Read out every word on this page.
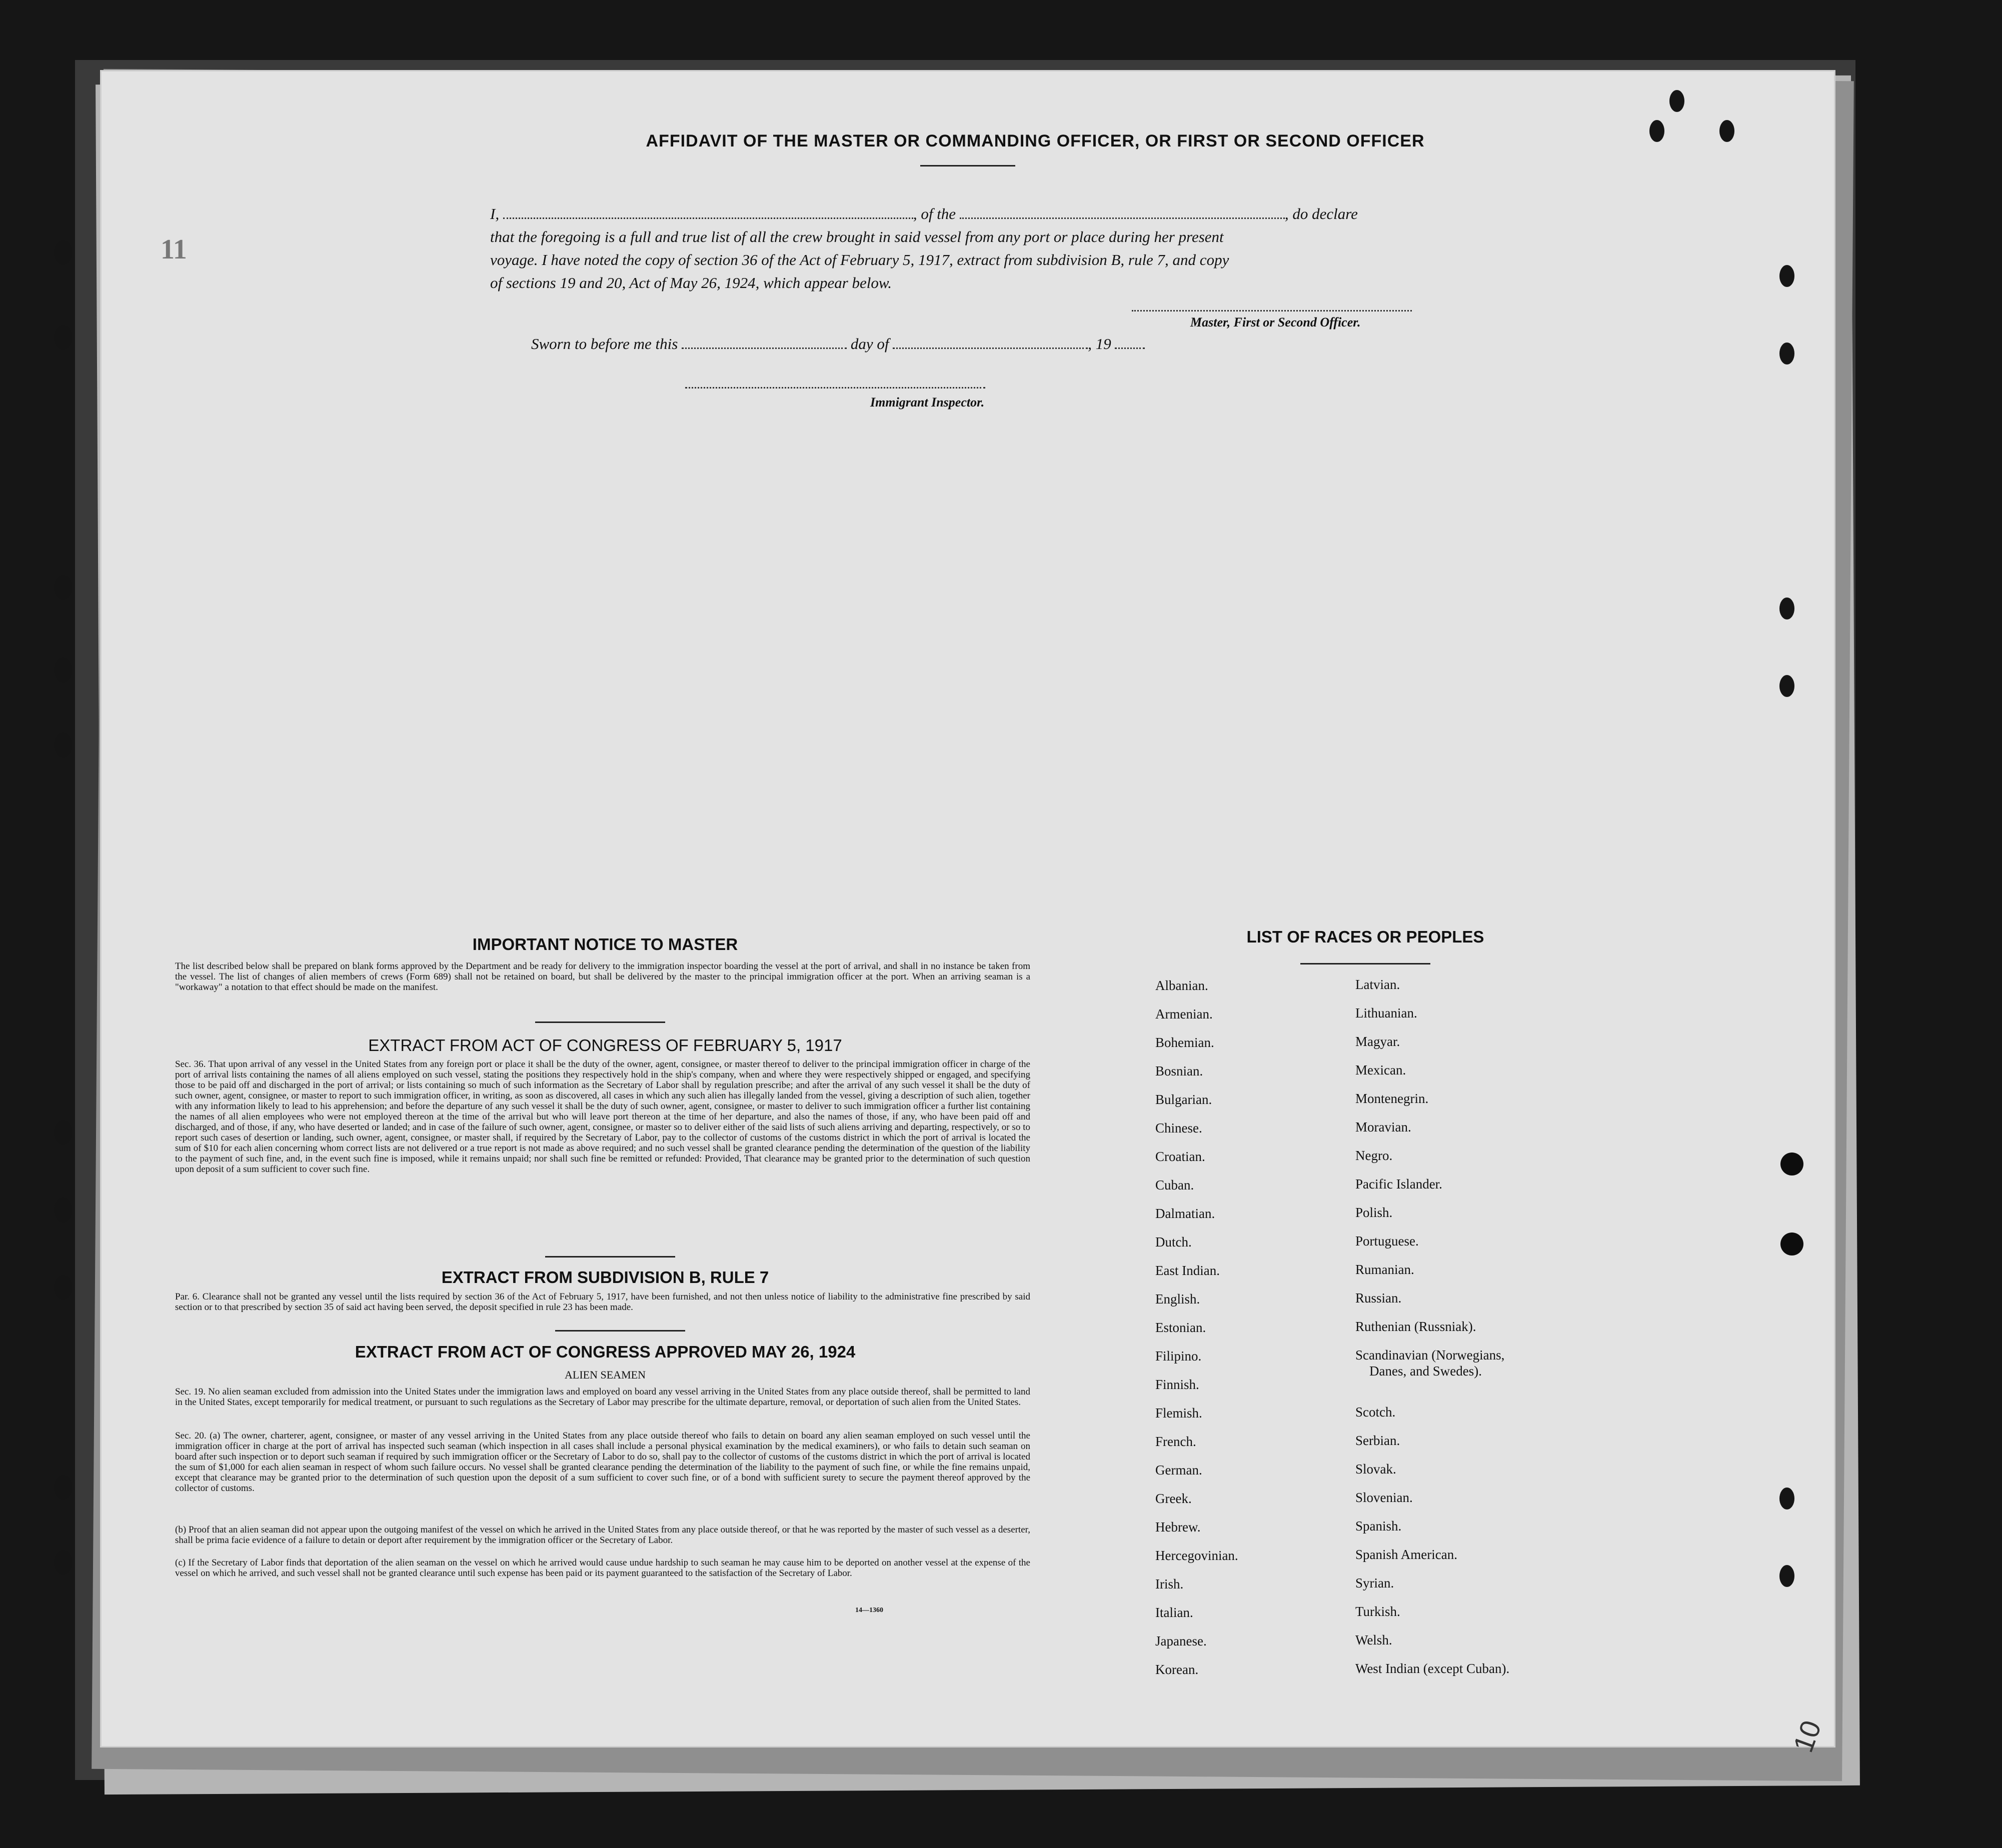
AFFIDAVIT OF THE MASTER OR COMMANDING OFFICER, OR FIRST OR SECOND OFFICER
I,	, of the	, do declare
that the foregoing is a full and true list of all the crew brought in said vessel from any port or place during her present
voyage. I have noted the copy of section 36 of the Act of February 5, 1917, extract from subdivision B, rule 7, and copy
of sections 19 and 20, Act of May 26, 1924, which appear below.
Master, First or Second Officer.
Sworn to before me this	day of	, 19
Immigrant Inspector.
IMPORTANT NOTICE TO MASTER
The list described below shall be prepared on blank forms approved by the Department and be ready for delivery to the immigration inspector boarding the vessel at the port of arrival, and shall in no instance be taken from the vessel. The list of changes of alien members of crews (Form 689) shall not be retained on board, but shall be delivered by the master to the principal immigration officer at the port. When an arriving seaman is a "workaway" a notation to that effect should be made on the manifest.
EXTRACT FROM ACT OF CONGRESS OF FEBRUARY 5, 1917
Sec. 36. That upon arrival of any vessel in the United States from any foreign port or place it shall be the duty of the owner, agent, consignee, or master thereof to deliver to the principal immigration officer in charge of the port of arrival lists containing the names of all aliens employed on such vessel, stating the positions they respectively hold in the ship's company, when and where they were respectively shipped or engaged, and specifying those to be paid off and discharged in the port of arrival; or lists containing so much of such information as the Secretary of Labor shall by regulation prescribe; and after the arrival of any such vessel it shall be the duty of such owner, agent, consignee, or master to report to such immigration officer, in writing, as soon as discovered, all cases in which any such alien has illegally landed from the vessel, giving a description of such alien, together with any information likely to lead to his apprehension; and before the departure of any such vessel it shall be the duty of such owner, agent, consignee, or master to deliver to such immigration officer a further list containing the names of all alien employees who were not employed thereon at the time of the arrival but who will leave port thereon at the time of her departure, and also the names of those, if any, who have been paid off and discharged, and of those, if any, who have deserted or landed; and in case of the failure of such owner, agent, consignee, or master so to deliver either of the said lists of such aliens arriving and departing, respectively, or so to report such cases of desertion or landing, such owner, agent, consignee, or master shall, if required by the Secretary of Labor, pay to the collector of customs of the customs district in which the port of arrival is located the sum of $10 for each alien concerning whom correct lists are not delivered or a true report is not made as above required; and no such vessel shall be granted clearance pending the determination of the question of the liability to the payment of such fine, and, in the event such fine is imposed, while it remains unpaid; nor shall such fine be remitted or refunded: Provided, That clearance may be granted prior to the determination of such question upon deposit of a sum sufficient to cover such fine.
EXTRACT FROM SUBDIVISION B, RULE 7
Par. 6. Clearance shall not be granted any vessel until the lists required by section 36 of the Act of February 5, 1917, have been furnished, and not then unless notice of liability to the administrative fine prescribed by said section or to that prescribed by section 35 of said act having been served, the deposit specified in rule 23 has been made.
EXTRACT FROM ACT OF CONGRESS APPROVED MAY 26, 1924
ALIEN SEAMEN
Sec. 19. No alien seaman excluded from admission into the United States under the immigration laws and employed on board any vessel arriving in the United States from any place outside thereof, shall be permitted to land in the United States, except temporarily for medical treatment, or pursuant to such regulations as the Secretary of Labor may prescribe for the ultimate departure, removal, or deportation of such alien from the United States.
Sec. 20. (a) The owner, charterer, agent, consignee, or master of any vessel arriving in the United States from any place outside thereof who fails to detain on board any alien seaman employed on such vessel until the immigration officer in charge at the port of arrival has inspected such seaman (which inspection in all cases shall include a personal physical examination by the medical examiners), or who fails to detain such seaman on board after such inspection or to deport such seaman if required by such immigration officer or the Secretary of Labor to do so, shall pay to the collector of customs of the customs district in which the port of arrival is located the sum of $1,000 for each alien seaman in respect of whom such failure occurs. No vessel shall be granted clearance pending the determination of the liability to the payment of such fine, or while the fine remains unpaid, except that clearance may be granted prior to the determination of such question upon the deposit of a sum sufficient to cover such fine, or of a bond with sufficient surety to secure the payment thereof approved by the collector of customs.
(b) Proof that an alien seaman did not appear upon the outgoing manifest of the vessel on which he arrived in the United States from any place outside thereof, or that he was reported by the master of such vessel as a deserter, shall be prima facie evidence of a failure to detain or deport after requirement by the immigration officer or the Secretary of Labor.
(c) If the Secretary of Labor finds that deportation of the alien seaman on the vessel on which he arrived would cause undue hardship to such seaman he may cause him to be deported on another vessel at the expense of the vessel on which he arrived, and such vessel shall not be granted clearance until such expense has been paid or its payment guaranteed to the satisfaction of the Secretary of Labor.
14—1360
LIST OF RACES OR PEOPLES
Albanian.
Armenian.
Bohemian.
Bosnian.
Bulgarian.
Chinese.
Croatian.
Cuban.
Dalmatian.
Dutch.
East Indian.
English.
Estonian.
Filipino.
Finnish.
Flemish.
French.
German.
Greek.
Hebrew.
Hercegovinian.
Irish.
Italian.
Japanese.
Korean.
Latvian.
Lithuanian.
Magyar.
Mexican.
Montenegrin.
Moravian.
Negro.
Pacific Islander.
Polish.
Portuguese.
Rumanian.
Russian.
Ruthenian (Russniak).
Scandinavian (Norwegians,
Danes, and Swedes).
Scotch.
Serbian.
Slovak.
Slovenian.
Spanish.
Spanish American.
Syrian.
Turkish.
Welsh.
West Indian (except Cuban).
11
10
